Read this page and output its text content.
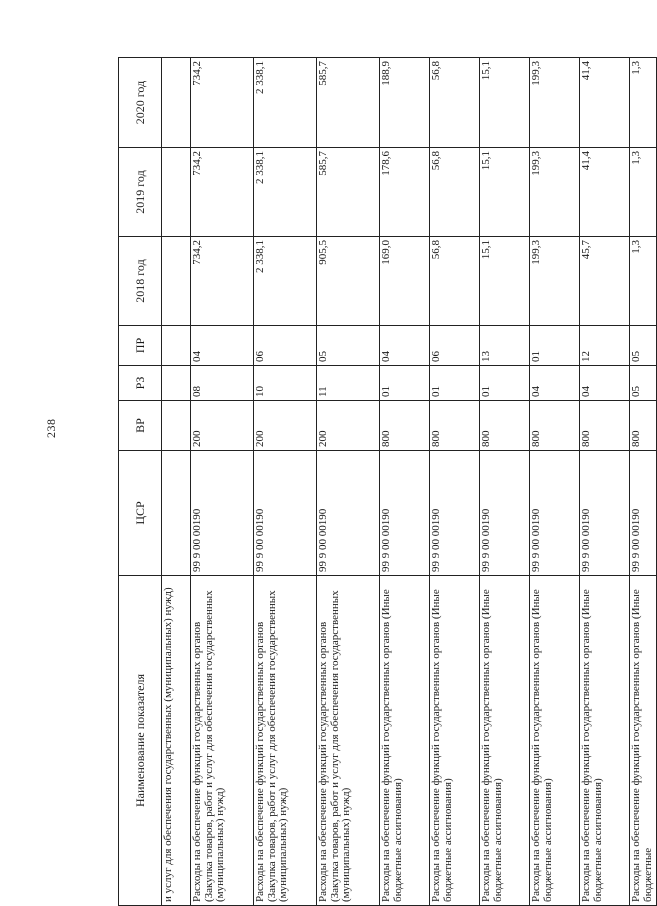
238
Наименование показателя	ЦСР	ВР	РЗ	ПР	2018 год	2019 год	2020 год
и услуг для обеспечения государственных (муниципальных) нужд)							
Расходы на обеспечение функций государственных органов (Закупка товаров, работ и услуг для обеспечения государственных (муниципальных) нужд)	99 9 00 00190	200	08	04	734,2	734,2	734,2
Расходы на обеспечение функций государственных органов (Закупка товаров, работ и услуг для обеспечения государственных (муниципальных) нужд)	99 9 00 00190	200	10	06	2 338,1	2 338,1	2 338,1
Расходы на обеспечение функций государственных органов (Закупка товаров, работ и услуг для обеспечения государственных (муниципальных) нужд)	99 9 00 00190	200	11	05	905,5	585,7	585,7
Расходы на обеспечение функций государственных органов (Иные бюджетные ассигнования)	99 9 00 00190	800	01	04	169,0	178,6	188,9
Расходы на обеспечение функций государственных органов (Иные бюджетные ассигнования)	99 9 00 00190	800	01	06	56,8	56,8	56,8
Расходы на обеспечение функций государственных органов (Иные бюджетные ассигнования)	99 9 00 00190	800	01	13	15,1	15,1	15,1
Расходы на обеспечение функций государственных органов (Иные бюджетные ассигнования)	99 9 00 00190	800	04	01	199,3	199,3	199,3
Расходы на обеспечение функций государственных органов (Иные бюджетные ассигнования)	99 9 00 00190	800	04	12	45,7	41,4	41,4
Расходы на обеспечение функций государственных органов (Иные бюджетные	99 9 00 00190	800	05	05	1,3	1,3	1,3
